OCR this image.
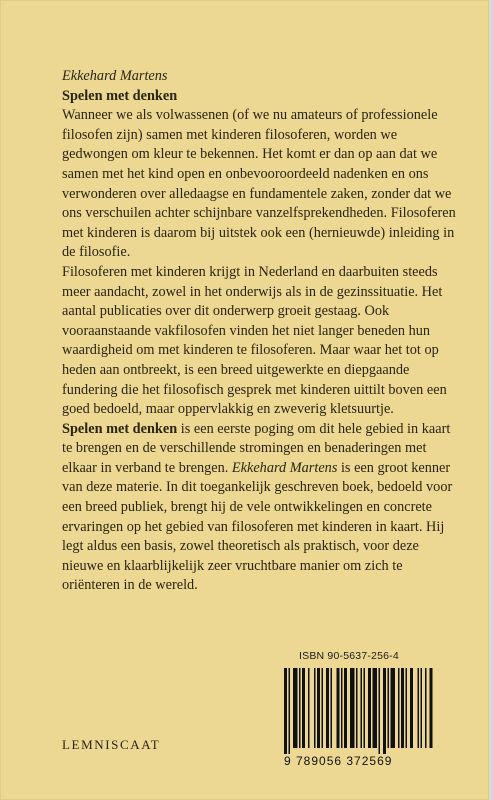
Ekkehard Martens

Spelen met denken

Wanneer we als volwassenen (of we nu amateurs of professionele filosofen zijn) samen met kinderen filosoferen, worden we gedwongen om kleur te bekennen. Het komt er dan op aan dat we samen met het kind open en onbevooroordeeld nadenken en ons verwonderen over alledaagse en fundamentele zaken, zonder dat we ons verschuilen achter schijnbare vanzelfsprekendheden. Filosoferen met kinderen is daarom bij uitstek ook een (hernieuwde) inleiding in de filosofie.

Filosoferen met kinderen krijgt in Nederland en daarbuiten steeds meer aandacht, zowel in het onderwijs als in de gezinssituatie. Het aantal publicaties over dit onderwerp groeit gestaag. Ook vooraanstaande vakfilosofen vinden het niet langer beneden hun waardigheid om met kinderen te filosoferen. Maar waar het tot op heden aan ontbreekt, is een breed uitgewerkte en diepgaande fundering die het filosofisch gesprek met kinderen uittilt boven een goed bedoeld, maar oppervlakkig en zweverig kletsuurtje.

Spelen met denken is een eerste poging om dit hele gebied in kaart te brengen en de verschillende stromingen en benaderingen met elkaar in verband te brengen. Ekkehard Martens is een groot kenner van deze materie. In dit toegankelijk geschreven boek, bedoeld voor een breed publiek, brengt hij de vele ontwikkelingen en concrete ervaringen op het gebied van filosoferen met kinderen in kaart. Hij legt aldus een basis, zowel theoretisch als praktisch, voor deze nieuwe en klaarblijkelijk zeer vruchtbare manier om zich te oriënteren in de wereld.

ISBN 90-5637-256-4
9 789056 372569
LEMNISCAAT
